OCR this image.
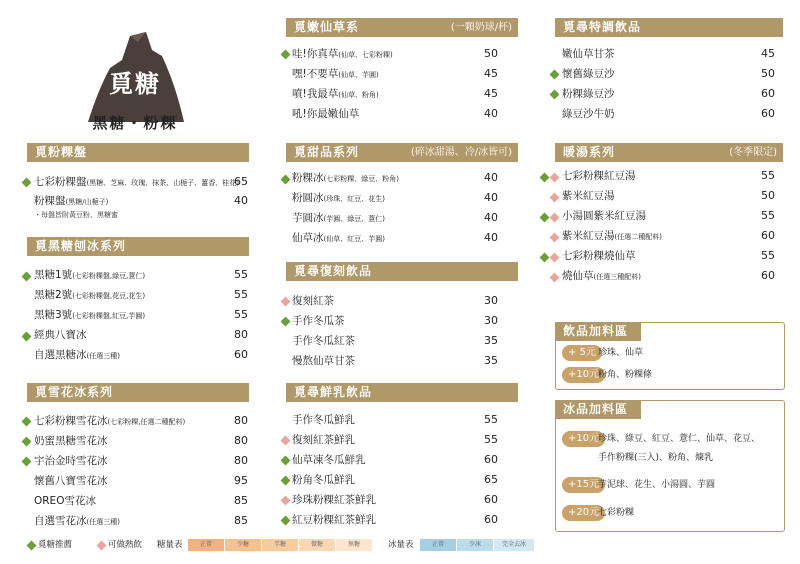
覓糖
MI TANG
黑糖・粉粿
覓粉粿盤
七彩粉粿盤(黑糖、芝麻、玫瑰、抹茶、山梔子、薑香、桂花)
65
粉粿盤(黑糖/山梔子)	40
・每盤皆附黃豆粉、黑糖蜜
覓黑糖刨冰系列
黑糖1號(七彩粉粿盤,綠豆,薏仁)	55
黑糖2號(七彩粉粿盤,花豆,花生)	55
黑糖3號(七彩粉粿盤,紅豆,芋圓)	55
經典八寶冰	80
自選黑糖冰(任選三種)	60
覓雪花冰系列
七彩粉粿雪花冰(七彩粉粿,任選二種配料)	80
奶蜜黑糖雪花冰	80
宇治金時雪花冰	80
懷舊八寶雪花冰	95
OREO雪花冰	85
自選雪花冰(任選三種)	85
覓嫩仙草系	(一顆奶球/杯)
哇!你真草(仙草、七彩粉粿)	50
嘿!不要草(仙草、芋圓)	45
噴!我最草(仙草、粉角)	45
吼!你最嫩仙草	40
覓甜品系列	(碎冰甜湯、冷/冰皆可)
粉粿冰(七彩粉粿、綠豆、粉角)	40
粉圓冰(珍珠、紅豆、花生)	40
芋圓冰(芋圓、綠豆、薏仁)	40
仙草冰(仙草、紅豆、芋圓)	40
覓尋復刻飲品
復刻紅茶	30
手作冬瓜茶	30
手作冬瓜紅茶	35
慢熬仙草甘茶	35
覓尋鮮乳飲品
手作冬瓜鮮乳	55
復刻紅茶鮮乳	55
仙草凍冬瓜鮮乳	60
粉角冬瓜鮮乳	65
珍珠粉粿紅茶鮮乳	60
紅豆粉粿紅茶鮮乳	60
覓尋特調飲品
嫩仙草甘茶	45
懷舊綠豆沙	50
粉粿綠豆沙	60
綠豆沙牛奶	60
暖湯系列	(冬季限定)
七彩粉粿紅豆湯	55
紫米紅豆湯	50
小湯圓紫米紅豆湯	55
紫米紅豆湯(任選二種配料)	60
七彩粉粿燒仙草	55
燒仙草(任選三種配料)	60
飲品加料區
+ 5元 珍珠、仙草
+10元
粉角、粉粿條
冰品加料區
+10元
珍珠、綠豆、紅豆、薏仁、仙草、花豆、
手作粉粿(三入)、粉角、煉乳
+15元
芋泥球、花生、小湯圓、芋圓
+20元
七彩粉粿
覓糖推薦	可做熱飲 糖量表	正常	少糖	半糖	微糖	無糖	冰量表	正常	少冰	完全去冰
